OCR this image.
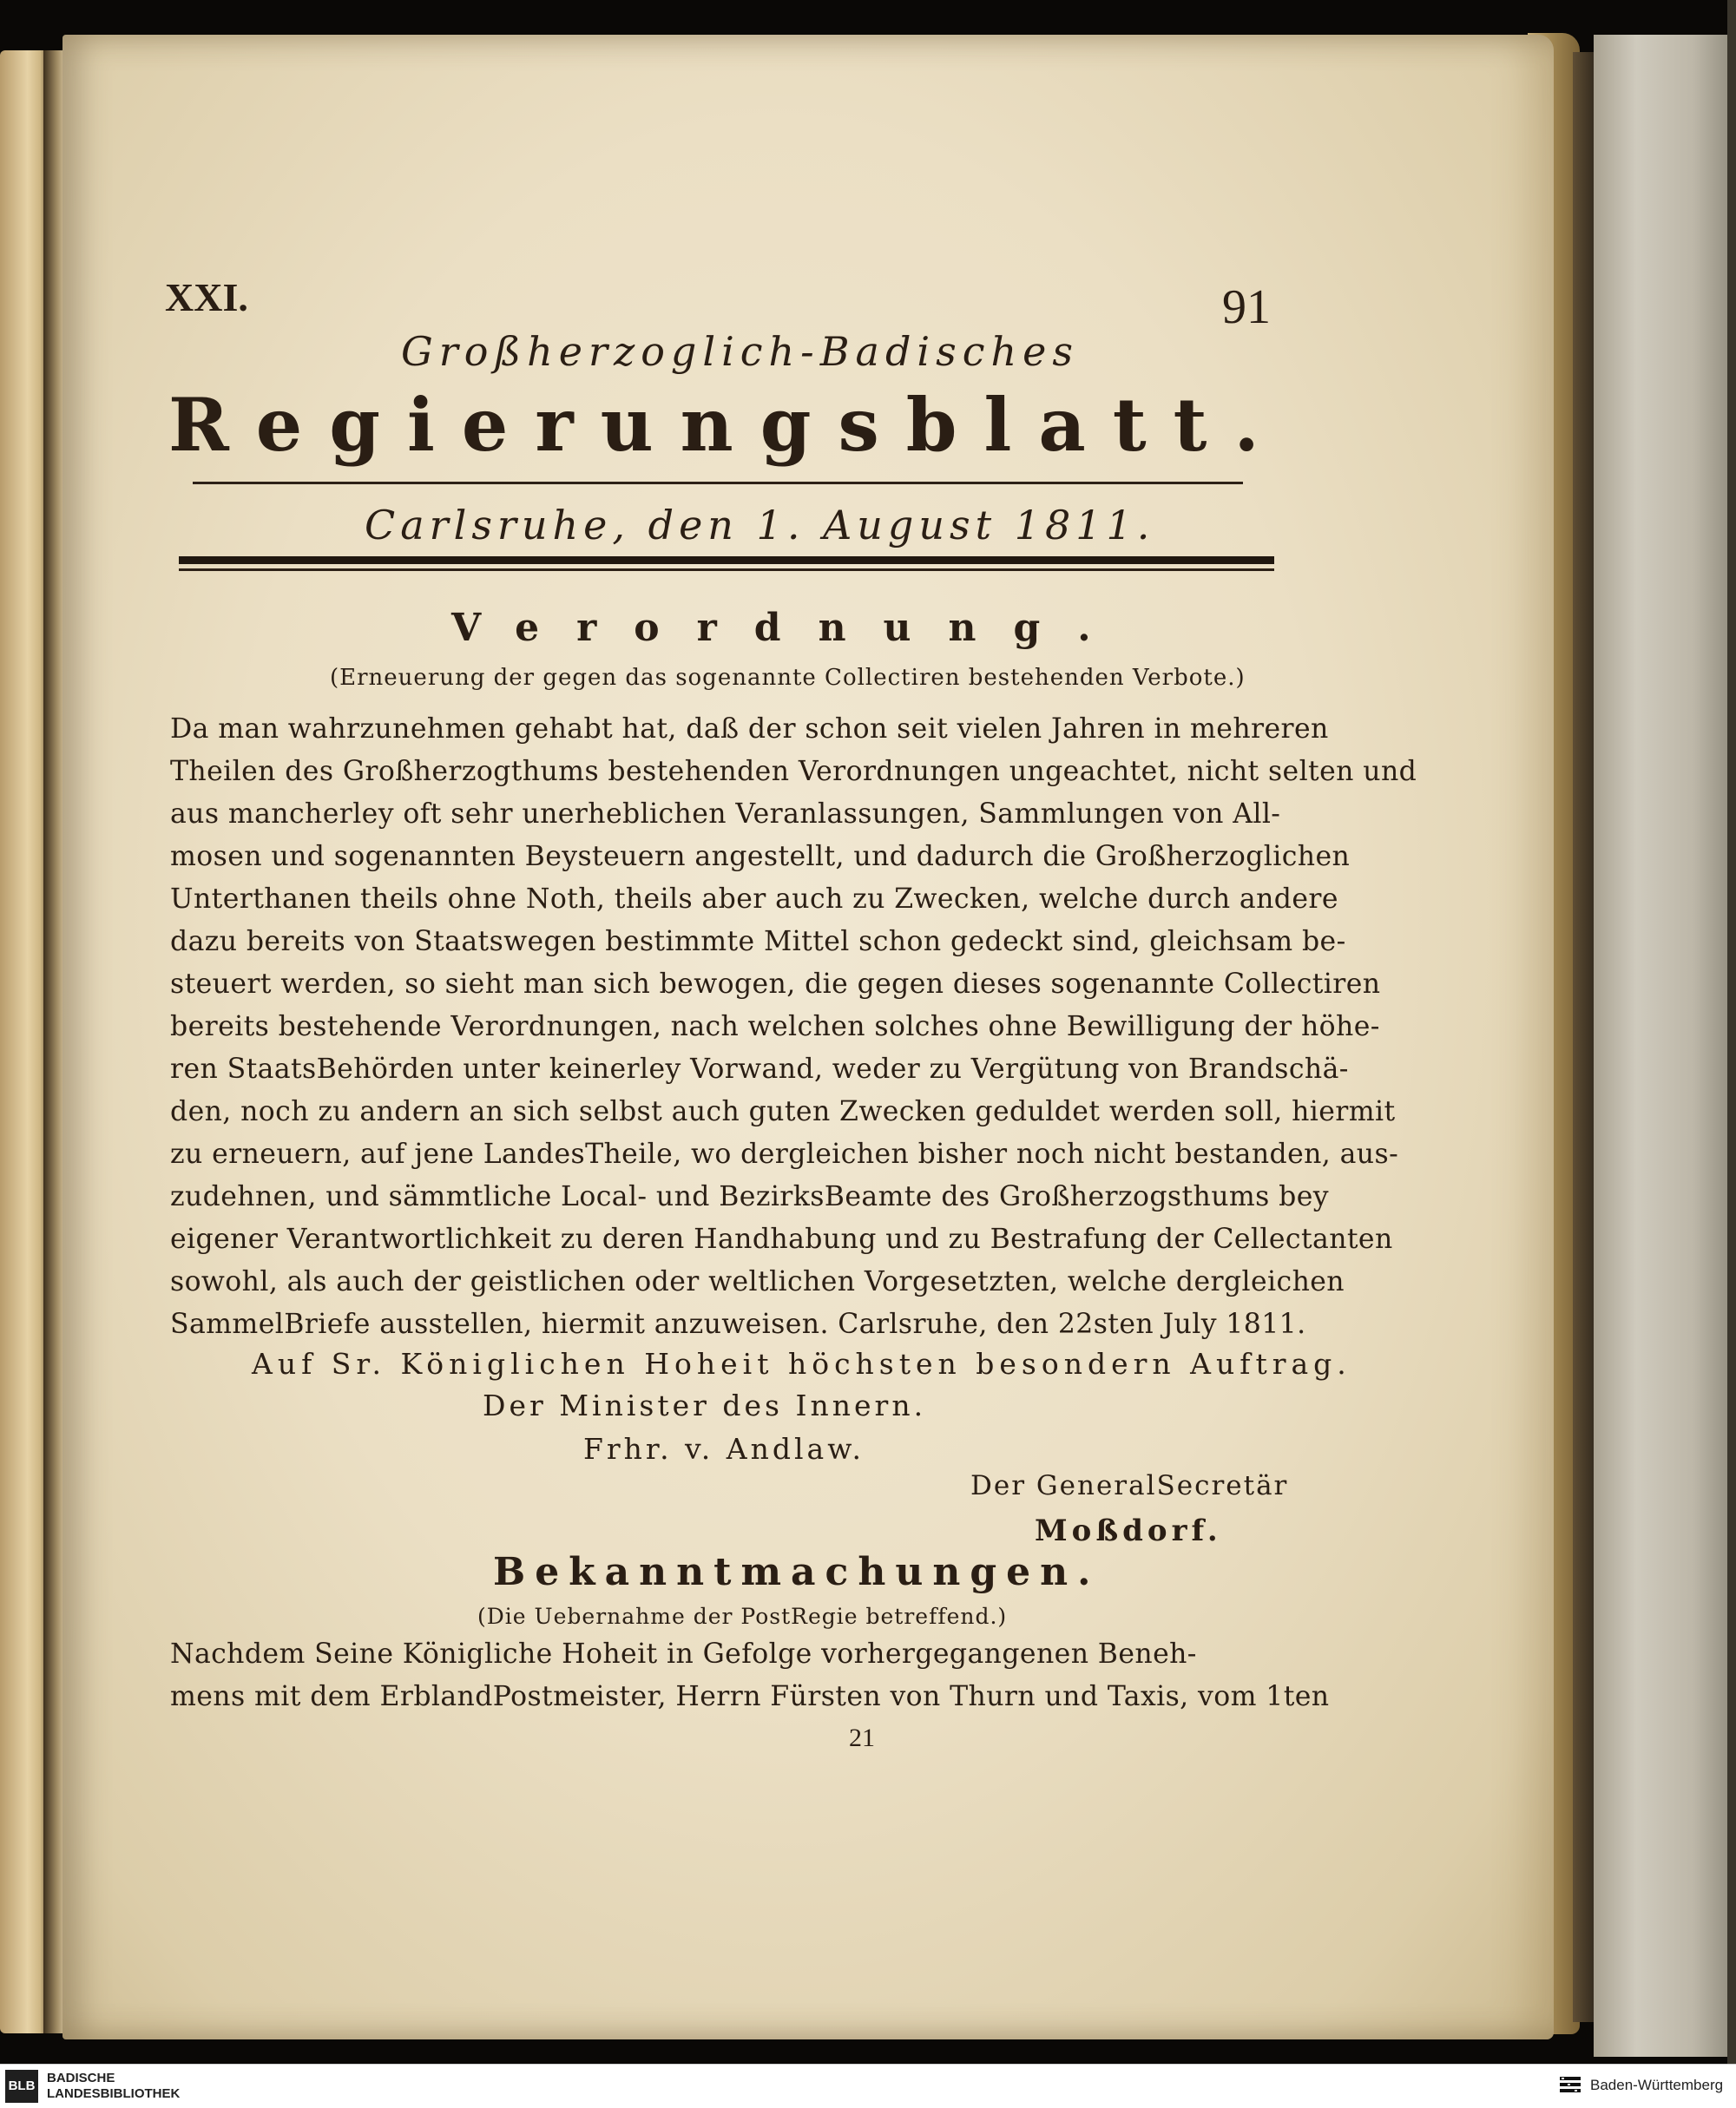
XXI.	91
Großherzoglich-Badisches
Regierungsblatt.
Carlsruhe, den 1. August 1811.
Verordnung.
(Erneuerung der gegen das sogenannte Collectiren bestehenden Verbote.)
Da man wahrzunehmen gehabt hat, daß der schon seit vielen Jahren in mehreren
Theilen des Großherzogthums bestehenden Verordnungen ungeachtet, nicht selten und
aus mancherley oft sehr unerheblichen Veranlassungen, Sammlungen von All-
mosen und sogenannten Beysteuern angestellt, und dadurch die Großherzoglichen
Unterthanen theils ohne Noth, theils aber auch zu Zwecken, welche durch andere
dazu bereits von Staatswegen bestimmte Mittel schon gedeckt sind, gleichsam be-
steuert werden, so sieht man sich bewogen, die gegen dieses sogenannte Collectiren
bereits bestehende Verordnungen, nach welchen solches ohne Bewilligung der höhe-
ren StaatsBehörden unter keinerley Vorwand, weder zu Vergütung von Brandschä-
den, noch zu andern an sich selbst auch guten Zwecken geduldet werden soll, hiermit
zu erneuern, auf jene LandesTheile, wo dergleichen bisher noch nicht bestanden, aus-
zudehnen, und sämmtliche Local- und BezirksBeamte des Großherzogsthums bey
eigener Verantwortlichkeit zu deren Handhabung und zu Bestrafung der Cellectanten
sowohl, als auch der geistlichen oder weltlichen Vorgesetzten, welche dergleichen
SammelBriefe ausstellen, hiermit anzuweisen. Carlsruhe, den 22sten July 1811.
Auf Sr. Königlichen Hoheit höchsten besondern Auftrag.
Der Minister des Innern.
Frhr. v. Andlaw.
Der GeneralSecretär
Moßdorf.
Bekanntmachungen.
(Die Uebernahme der PostRegie betreffend.)
Nachdem Seine Königliche Hoheit in Gefolge vorhergegangenen Beneh-
mens mit dem ErblandPostmeister, Herrn Fürsten von Thurn und Taxis, vom 1ten
21
BLB
BADISCHE
LANDESBIBLIOTHEK
Baden-Württemberg
